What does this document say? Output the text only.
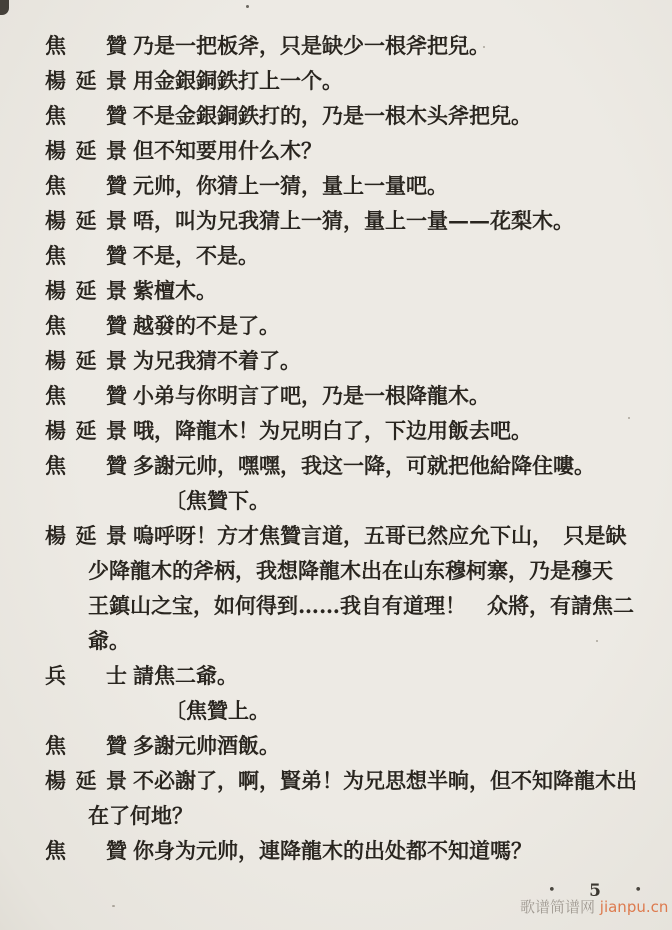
焦　贊 乃是一把板斧，只是缺少一根斧把兒。
楊延景 用金銀銅鉄打上一个。
焦　贊 不是金銀銅鉄打的，乃是一根木头斧把兒。
楊延景 但不知要用什么木？
焦　贊 元帅，你猜上一猜，量上一量吧。
楊延景 唔，叫为兄我猜上一猜，量上一量——花梨木。
焦　贊 不是，不是。
楊延景 紫檀木。
焦　贊 越發的不是了。
楊延景 为兄我猜不着了。
焦　贊 小弟与你明言了吧，乃是一根降龍木。
楊延景 哦，降龍木！为兄明白了，下边用飯去吧。
焦　贊 多謝元帅，嘿嘿，我这一降，可就把他給降住嘍。
〔焦贊下。
楊延景 嗚呼呀！方才焦贊言道，五哥已然应允下山，　只是缺
少降龍木的斧柄，我想降龍木出在山东穆柯寨，乃是穆天
王鎮山之宝，如何得到……我自有道理！　众將，有請焦二
爺。
兵　士 請焦二爺。
〔焦贊上。
焦　贊 多謝元帅酒飯。
楊延景 不必謝了，啊，賢弟！为兄思想半晌，但不知降龍木出
在了何地？
焦　贊 你身为元帅，連降龍木的出处都不知道嗎？
• 5	•
歌谱简谱网 jianpu.cn
